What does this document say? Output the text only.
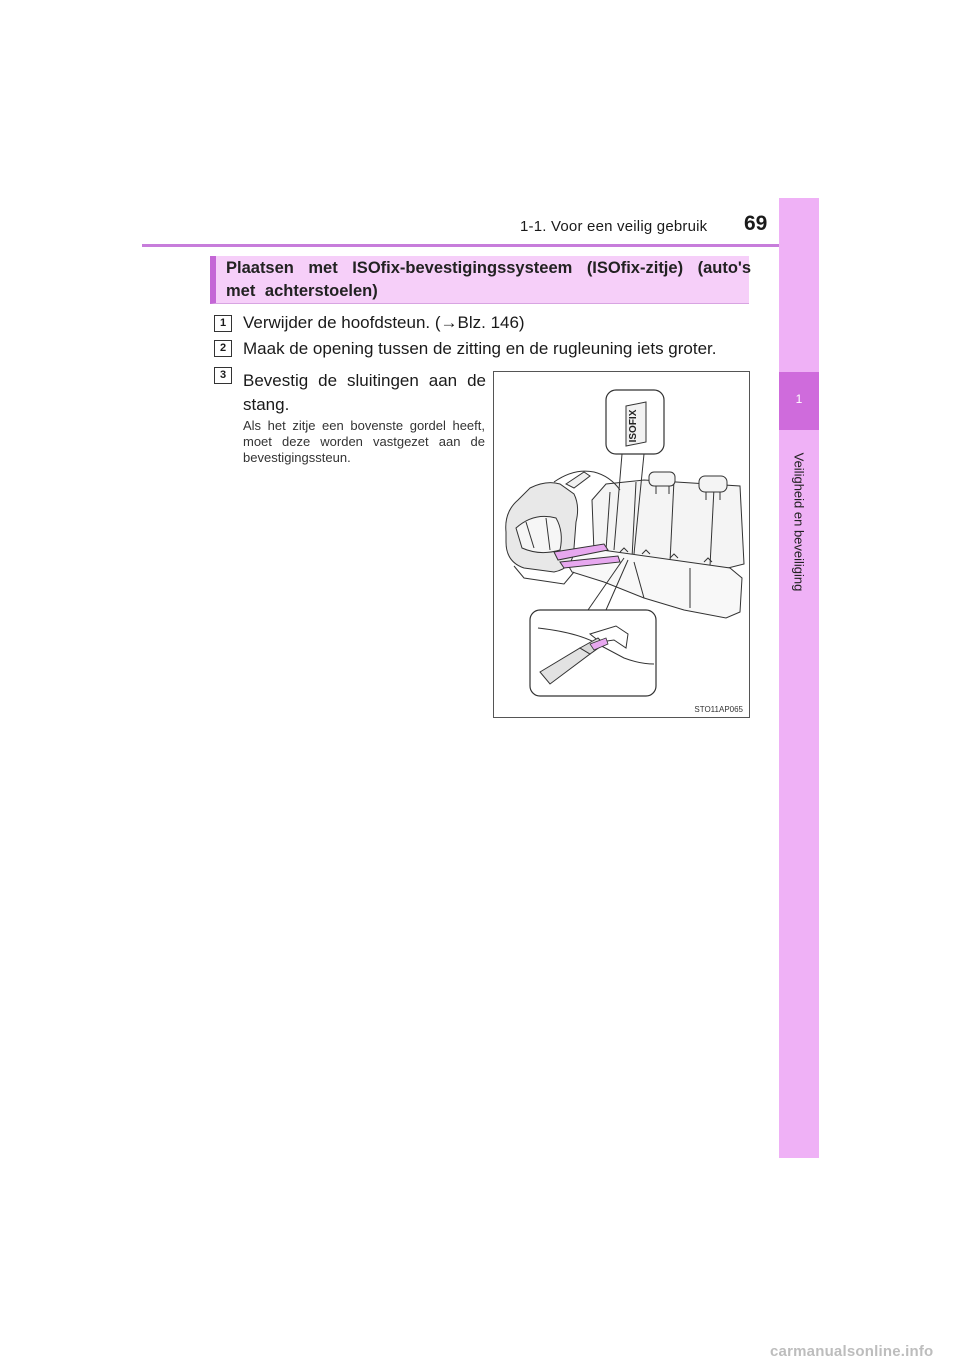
1-1. Voor een veilig gebruik 69
1
Veiligheid en beveiliging
Plaatsen met ISOfix-bevestigingssysteem (ISOfix-zitje) (auto's met achterstoelen)
1 Verwijder de hoofdsteun. (→Blz. 146)
2 Maak de opening tussen de zitting en de rugleuning iets groter.
3 Bevestig de sluitingen aan de stang.
Als het zitje een bovenste gordel heeft, moet deze worden vastgezet aan de bevestigingssteun.
ISOFIX
STO11AP065
carmanualsonline.info
